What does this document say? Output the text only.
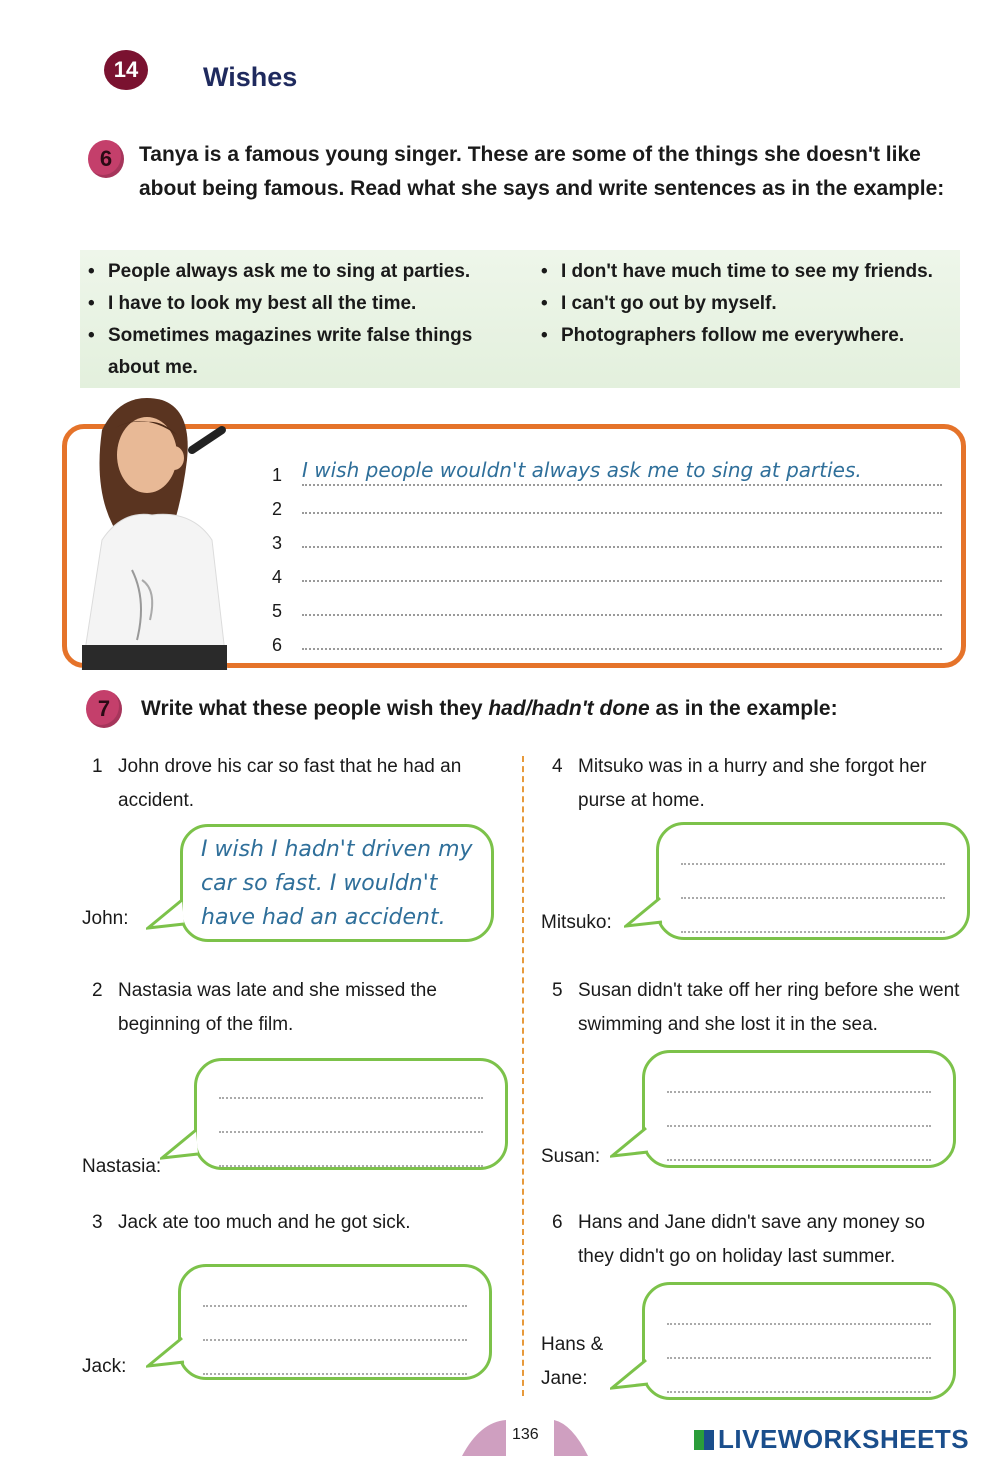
14 Wishes
6 Tanya is a famous young singer. These are some of the things she doesn't like about being famous. Read what she says and write sentences as in the example:
• People always ask me to sing at parties.
• I have to look my best all the time.
• Sometimes magazines write false things about me.
• I don't have much time to see my friends.
• I can't go out by myself.
• Photographers follow me everywhere.
1 I wish people wouldn't always ask me to sing at parties.
2
3
4
5
6
7 Write what these people wish they had/hadn't done as in the example:
1 John drove his car so fast that he had an
accident.
John:
I wish I hadn't driven my
car so fast. I wouldn't
have had an accident.
2 Nastasia was late and she missed the
beginning of the film.
Nastasia:
3 Jack ate too much and he got sick.
Jack:
4 Mitsuko was in a hurry and she forgot her
purse at home.
Mitsuko:
5 Susan didn't take off her ring before she went
swimming and she lost it in the sea.
Susan:
6 Hans and Jane didn't save any money so
they didn't go on holiday last summer.
Hans &
Jane:
136	LIVEWORKSHEETS
